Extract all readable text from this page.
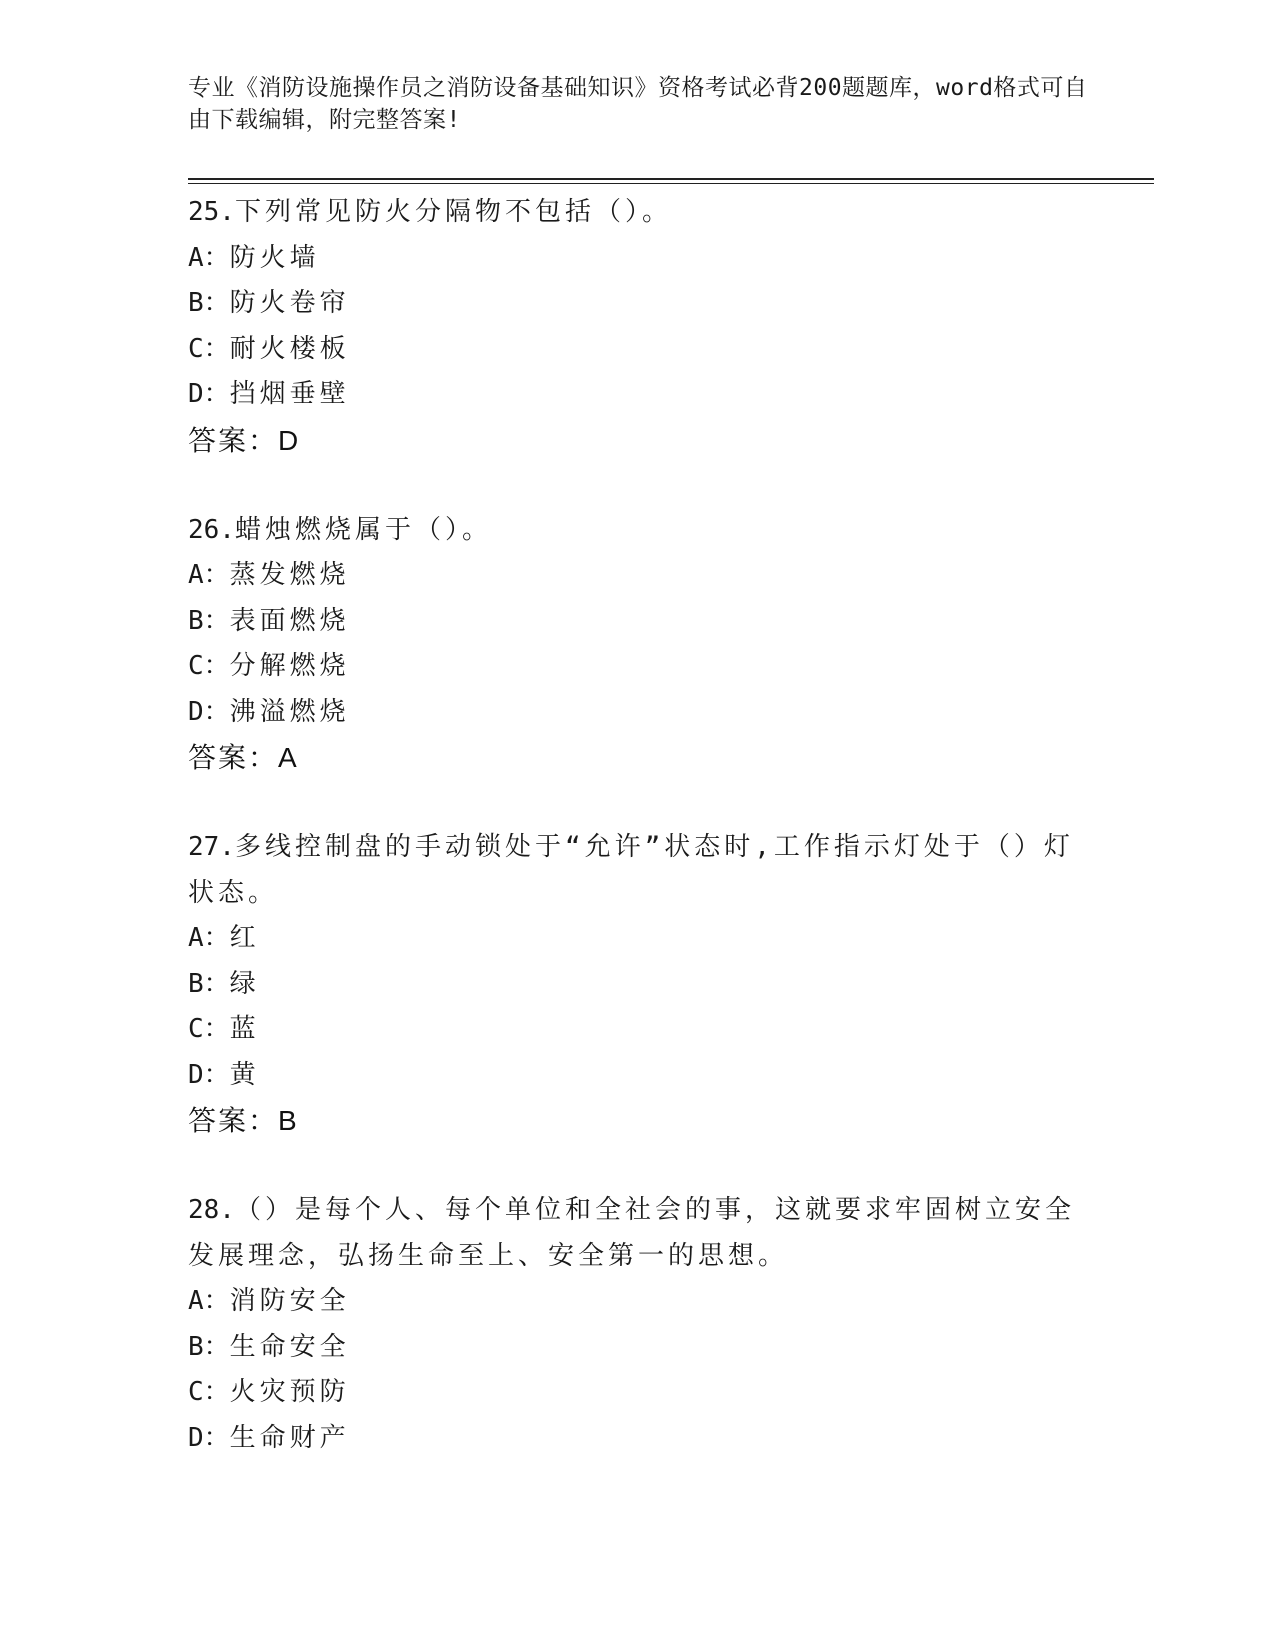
专业《消防设施操作员之消防设备基础知识》资格考试必背200题题库，word格式可自由下载编辑，附完整答案!
25.下列常见防火分隔物不包括（）。
A：防火墙
B：防火卷帘
C：耐火楼板
D：挡烟垂壁
答案：D
26.蜡烛燃烧属于（）。
A：蒸发燃烧
B：表面燃烧
C：分解燃烧
D：沸溢燃烧
答案：A
27.多线控制盘的手动锁处于“允许”状态时,工作指示灯处于（）灯状态。
A：红
B：绿
C：蓝
D：黄
答案：B
28.（）是每个人、每个单位和全社会的事，这就要求牢固树立安全发展理念，弘扬生命至上、安全第一的思想。
A：消防安全
B：生命安全
C：火灾预防
D：生命财产
